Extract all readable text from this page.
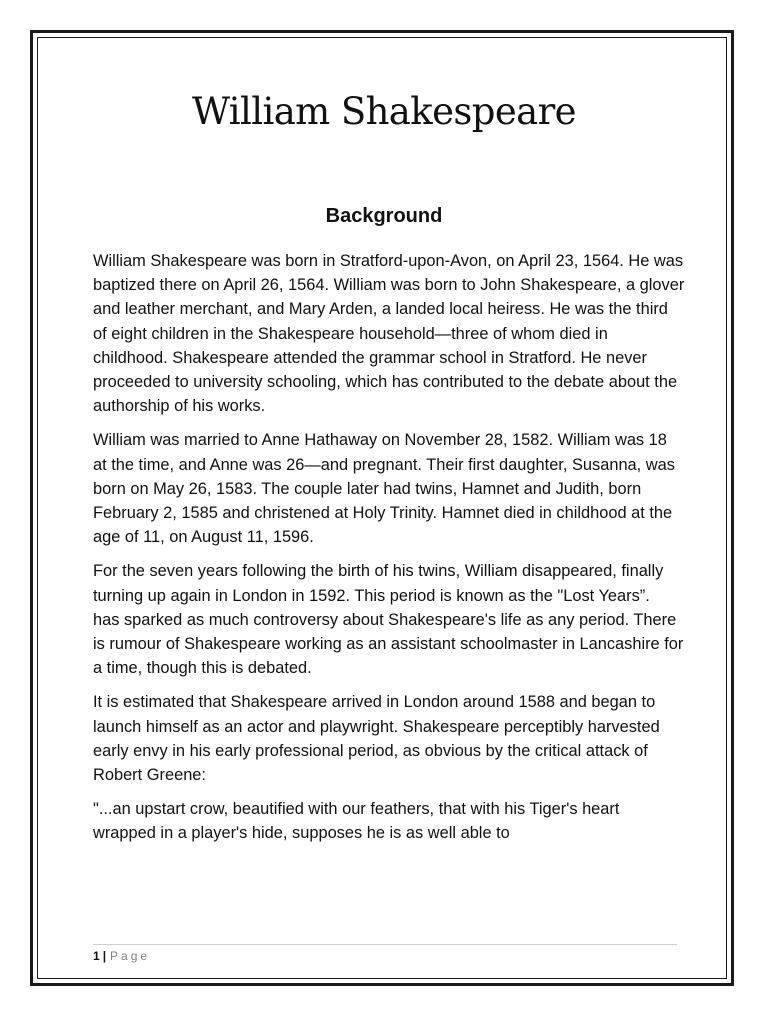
William Shakespeare
Background

William Shakespeare was born in Stratford-upon-Avon, on April 23, 1564. He was baptized there on April 26, 1564. William was born to John Shakespeare, a glover and leather merchant, and Mary Arden, a landed local heiress. He was the third of eight children in the Shakespeare household—three of whom died in childhood. Shakespeare attended the grammar school in Stratford. He never proceeded to university schooling, which has contributed to the debate about the authorship of his works.

William was married to Anne Hathaway on November 28, 1582. William was 18 at the time, and Anne was 26—and pregnant. Their first daughter, Susanna, was born on May 26, 1583. The couple later had twins, Hamnet and Judith, born February 2, 1585 and christened at Holy Trinity. Hamnet died in childhood at the age of 11, on August 11, 1596.

For the seven years following the birth of his twins, William disappeared, finally turning up again in London in 1592. This period is known as the "Lost Years”.  has sparked as much controversy about Shakespeare's life as any period. There is rumour of Shakespeare working as an assistant schoolmaster in Lancashire for a time, though this is debated.

It is estimated that Shakespeare arrived in London around 1588 and began to launch himself as an actor and playwright. Shakespeare perceptibly harvested early envy in his early professional period, as obvious by the critical attack of Robert Greene:

"...an upstart crow, beautified with our feathers, that with his Tiger's heart wrapped in a player's hide, supposes he is as well able to

1 | Page
